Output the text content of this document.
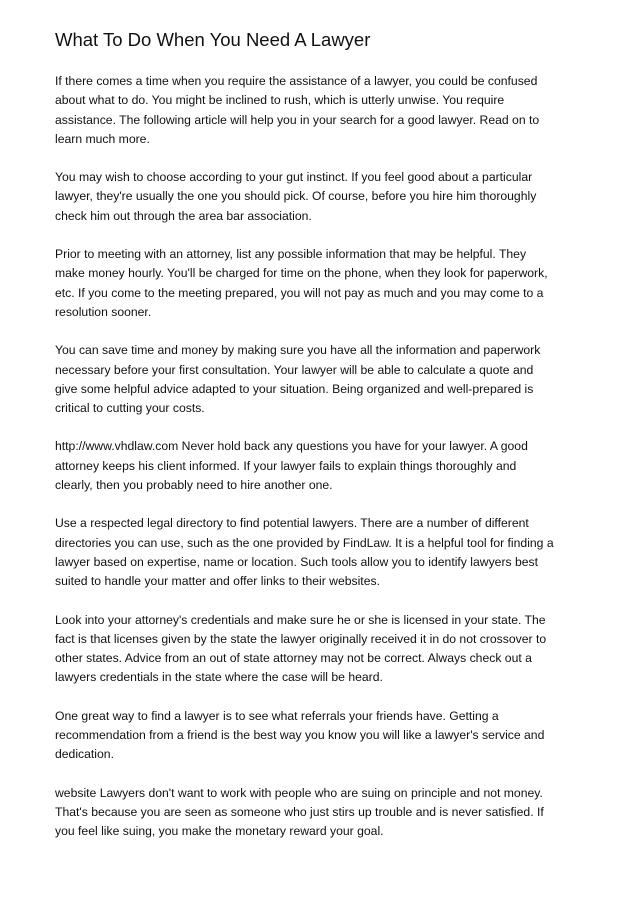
What To Do When You Need A Lawyer

If there comes a time when you require the assistance of a lawyer, you could be confused
about what to do. You might be inclined to rush, which is utterly unwise. You require
assistance. The following article will help you in your search for a good lawyer. Read on to
learn much more.

You may wish to choose according to your gut instinct. If you feel good about a particular
lawyer, they're usually the one you should pick. Of course, before you hire him thoroughly
check him out through the area bar association.

Prior to meeting with an attorney, list any possible information that may be helpful. They
make money hourly. You'll be charged for time on the phone, when they look for paperwork,
etc. If you come to the meeting prepared, you will not pay as much and you may come to a
resolution sooner.

You can save time and money by making sure you have all the information and paperwork
necessary before your first consultation. Your lawyer will be able to calculate a quote and
give some helpful advice adapted to your situation. Being organized and well-prepared is
critical to cutting your costs.

http://www.vhdlaw.com Never hold back any questions you have for your lawyer. A good
attorney keeps his client informed. If your lawyer fails to explain things thoroughly and
clearly, then you probably need to hire another one.

Use a respected legal directory to find potential lawyers. There are a number of different
directories you can use, such as the one provided by FindLaw. It is a helpful tool for finding a
lawyer based on expertise, name or location. Such tools allow you to identify lawyers best
suited to handle your matter and offer links to their websites.

Look into your attorney's credentials and make sure he or she is licensed in your state. The
fact is that licenses given by the state the lawyer originally received it in do not crossover to
other states. Advice from an out of state attorney may not be correct. Always check out a
lawyers credentials in the state where the case will be heard.

One great way to find a lawyer is to see what referrals your friends have. Getting a
recommendation from a friend is the best way you know you will like a lawyer's service and
dedication.

website Lawyers don't want to work with people who are suing on principle and not money.
That's because you are seen as someone who just stirs up trouble and is never satisfied. If
you feel like suing, you make the monetary reward your goal.
